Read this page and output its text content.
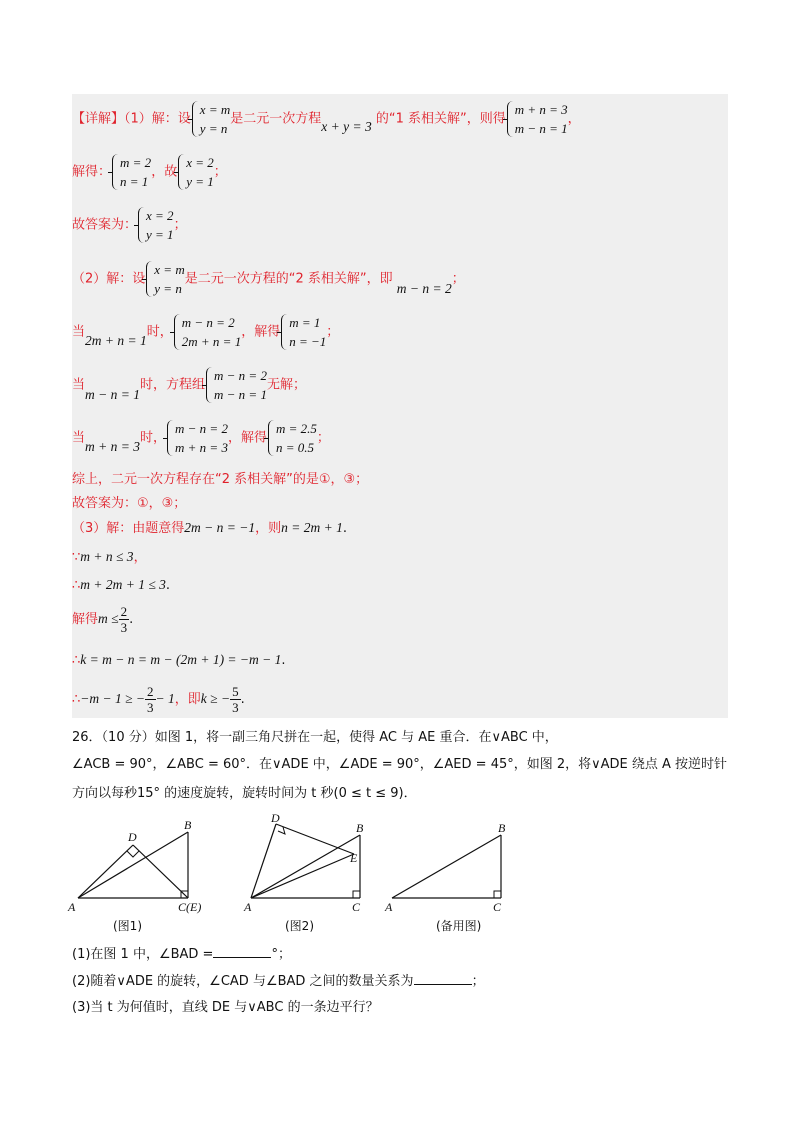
【详解】（1）解：设
x = m
y = n
是二元一次方程x + y = 3 的“1 系相关解”，则得
m + n = 3
m − n = 1
，
解得：
m = 2
n = 1
，故
x = 2
y = 1
；
故答案为：
x = 2
y = 1
；
（2）解：设
x = m
y = n
是二元一次方程的“2 系相关解”，即 m − n = 2；
当2m + n = 1时，
m − n = 2
2m + n = 1
，解得
m = 1
n = −1
；
当m − n = 1时，方程组
m − n = 2
m − n = 1
无解；
当m + n = 3时，
m − n = 2
m + n = 3
，解得
m = 2.5
n = 0.5
；
综上，二元一次方程存在“2 系相关解”的是①，③；
故答案为：①，③；
（3）解：由题意得2m − n = −1，则n = 2m + 1.
∵m + n ≤ 3，
∴m + 2m + 1 ≤ 3.
解得$m \le \frac{2}{3}$ .
∴k = m − n = m − (2m + 1) = −m − 1.
∴−m − 1 ≥ − $\frac{2}{3} - 1$，即k ≥ − $\frac{5}{3}$ .
26．（10 分）如图 1，将一副三角尺拼在一起，使得 AC 与 AE 重合．在∨ABC 中，
∠ACB = 90°，∠ABC = 60°．在∨ADE 中，∠ADE = 90°，∠AED = 45°，如图 2，将∨ADE 绕点 A 按逆时针
方向以每秒15° 的速度旋转，旋转时间为 t 秒(0 ≤ t ≤ 9)．
A
D
B
C(E)	A
D
B
E
C A
B
C
(图1)	(图2)	(备用图)
(1)在图 1 中，∠BAD =	°；
(2)随着∨ADE 的旋转，∠CAD 与∠BAD 之间的数量关系为	；
(3)当 t 为何值时，直线 DE 与∨ABC 的一条边平行？
